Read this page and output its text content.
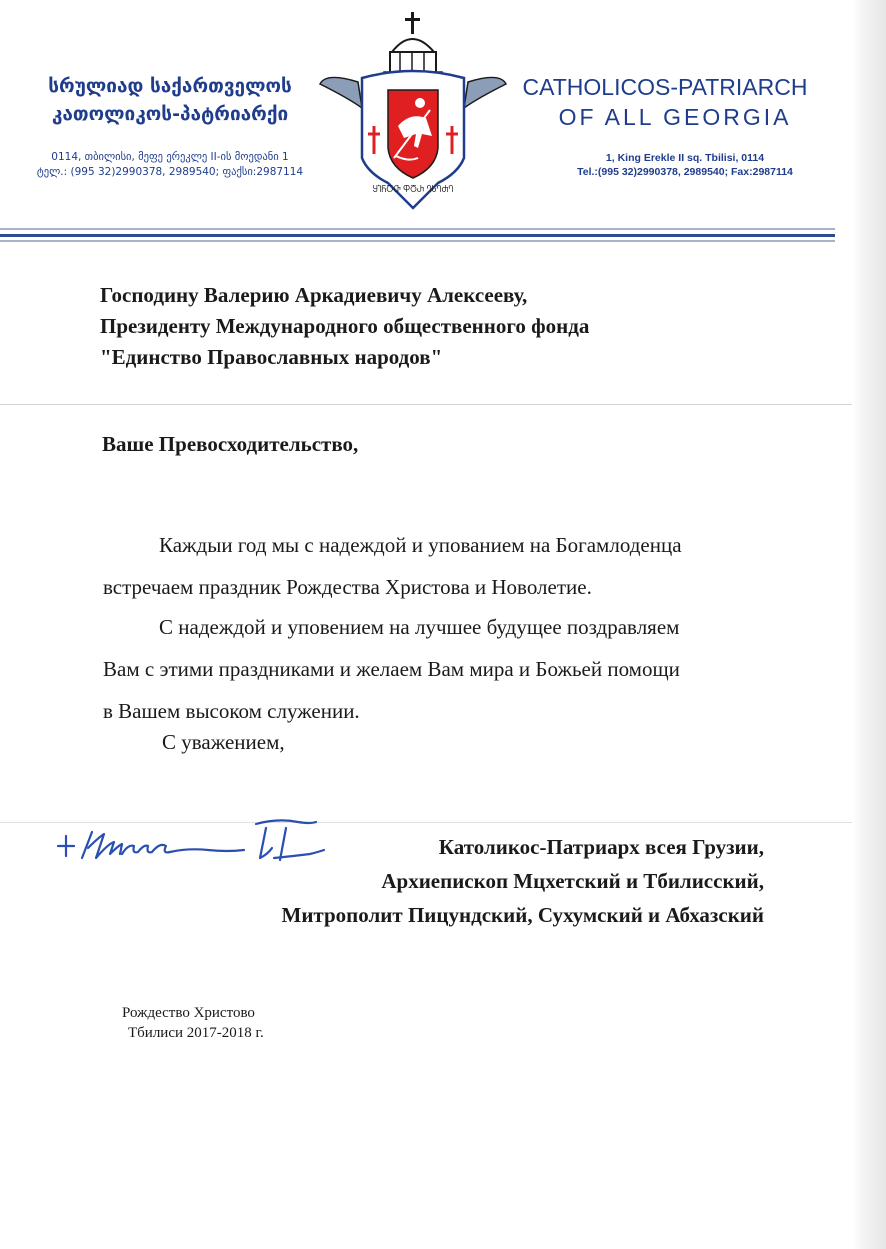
სრულიად საქართველოს
კათოლიკოს-პატრიარქი
0114, თბილისი, მეფე ერეკლე II-ის მოედანი 1
ტელ.: (995 32)2990378, 2989540; ფაქსი:2987114
ႸႨႬႠႧ ႴႣႰ ႤႱႤႻႤ
CATHOLICOS-PATRIARCH
OF ALL GEORGIA
1, King Erekle II sq. Tbilisi, 0114
Tel.:(995 32)2990378, 2989540; Fax:2987114
Господину Валерию Аркадиевичу Алексееву,
Президенту Международного общественного фонда
"Единство Православных народов"
Ваше Превосходительство,
Каждыи год мы с надеждой и упованием на Богамлоденца
встречаем праздник Рождества Христова и Новолетие.
С надеждой и уповением на лучшее будущее поздравляем
Вам с этими праздниками и желаем Вам мира и Божьей помощи
в Вашем высоком служении.
С уважением,
Католикос-Патриарх всея Грузии,
Архиепископ Мцхетский и Тбилисский,
Митрополит Пицундский, Сухумский и Абхазский
Рождество Христово
Тбилиси 2017-2018 г.
